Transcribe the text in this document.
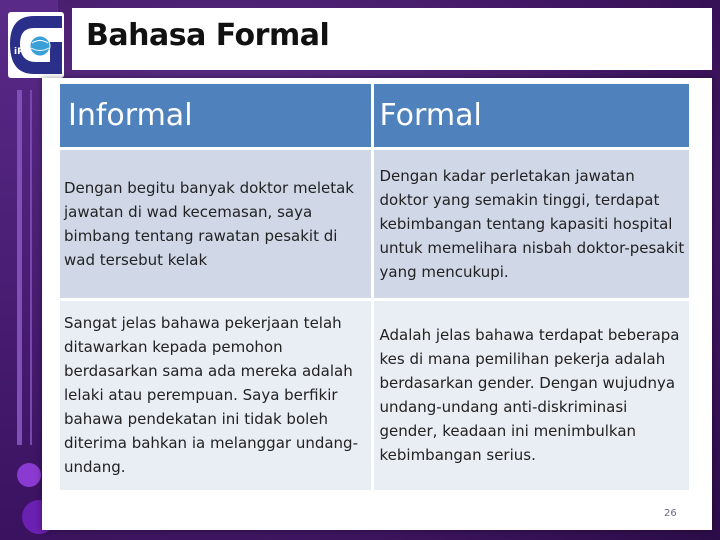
iPG Bahasa Formal
Informal	Formal
Dengan begitu banyak doktor meletak jawatan di wad kecemasan, saya bimbang tentang rawatan pesakit di wad tersebut kelak	Dengan kadar perletakan jawatan doktor yang semakin tinggi, terdapat kebimbangan tentang kapasiti hospital untuk memelihara nisbah doktor-pesakit yang mencukupi.
Sangat jelas bahawa pekerjaan telah ditawarkan kepada pemohon berdasarkan sama ada mereka adalah lelaki atau perempuan. Saya berfikir bahawa pendekatan ini tidak boleh diterima bahkan ia melanggar undang-undang.	Adalah jelas bahawa terdapat beberapa kes di mana pemilihan pekerja adalah berdasarkan gender. Dengan wujudnya undang-undang anti-diskriminasi gender, keadaan ini menimbulkan kebimbangan serius.
26
